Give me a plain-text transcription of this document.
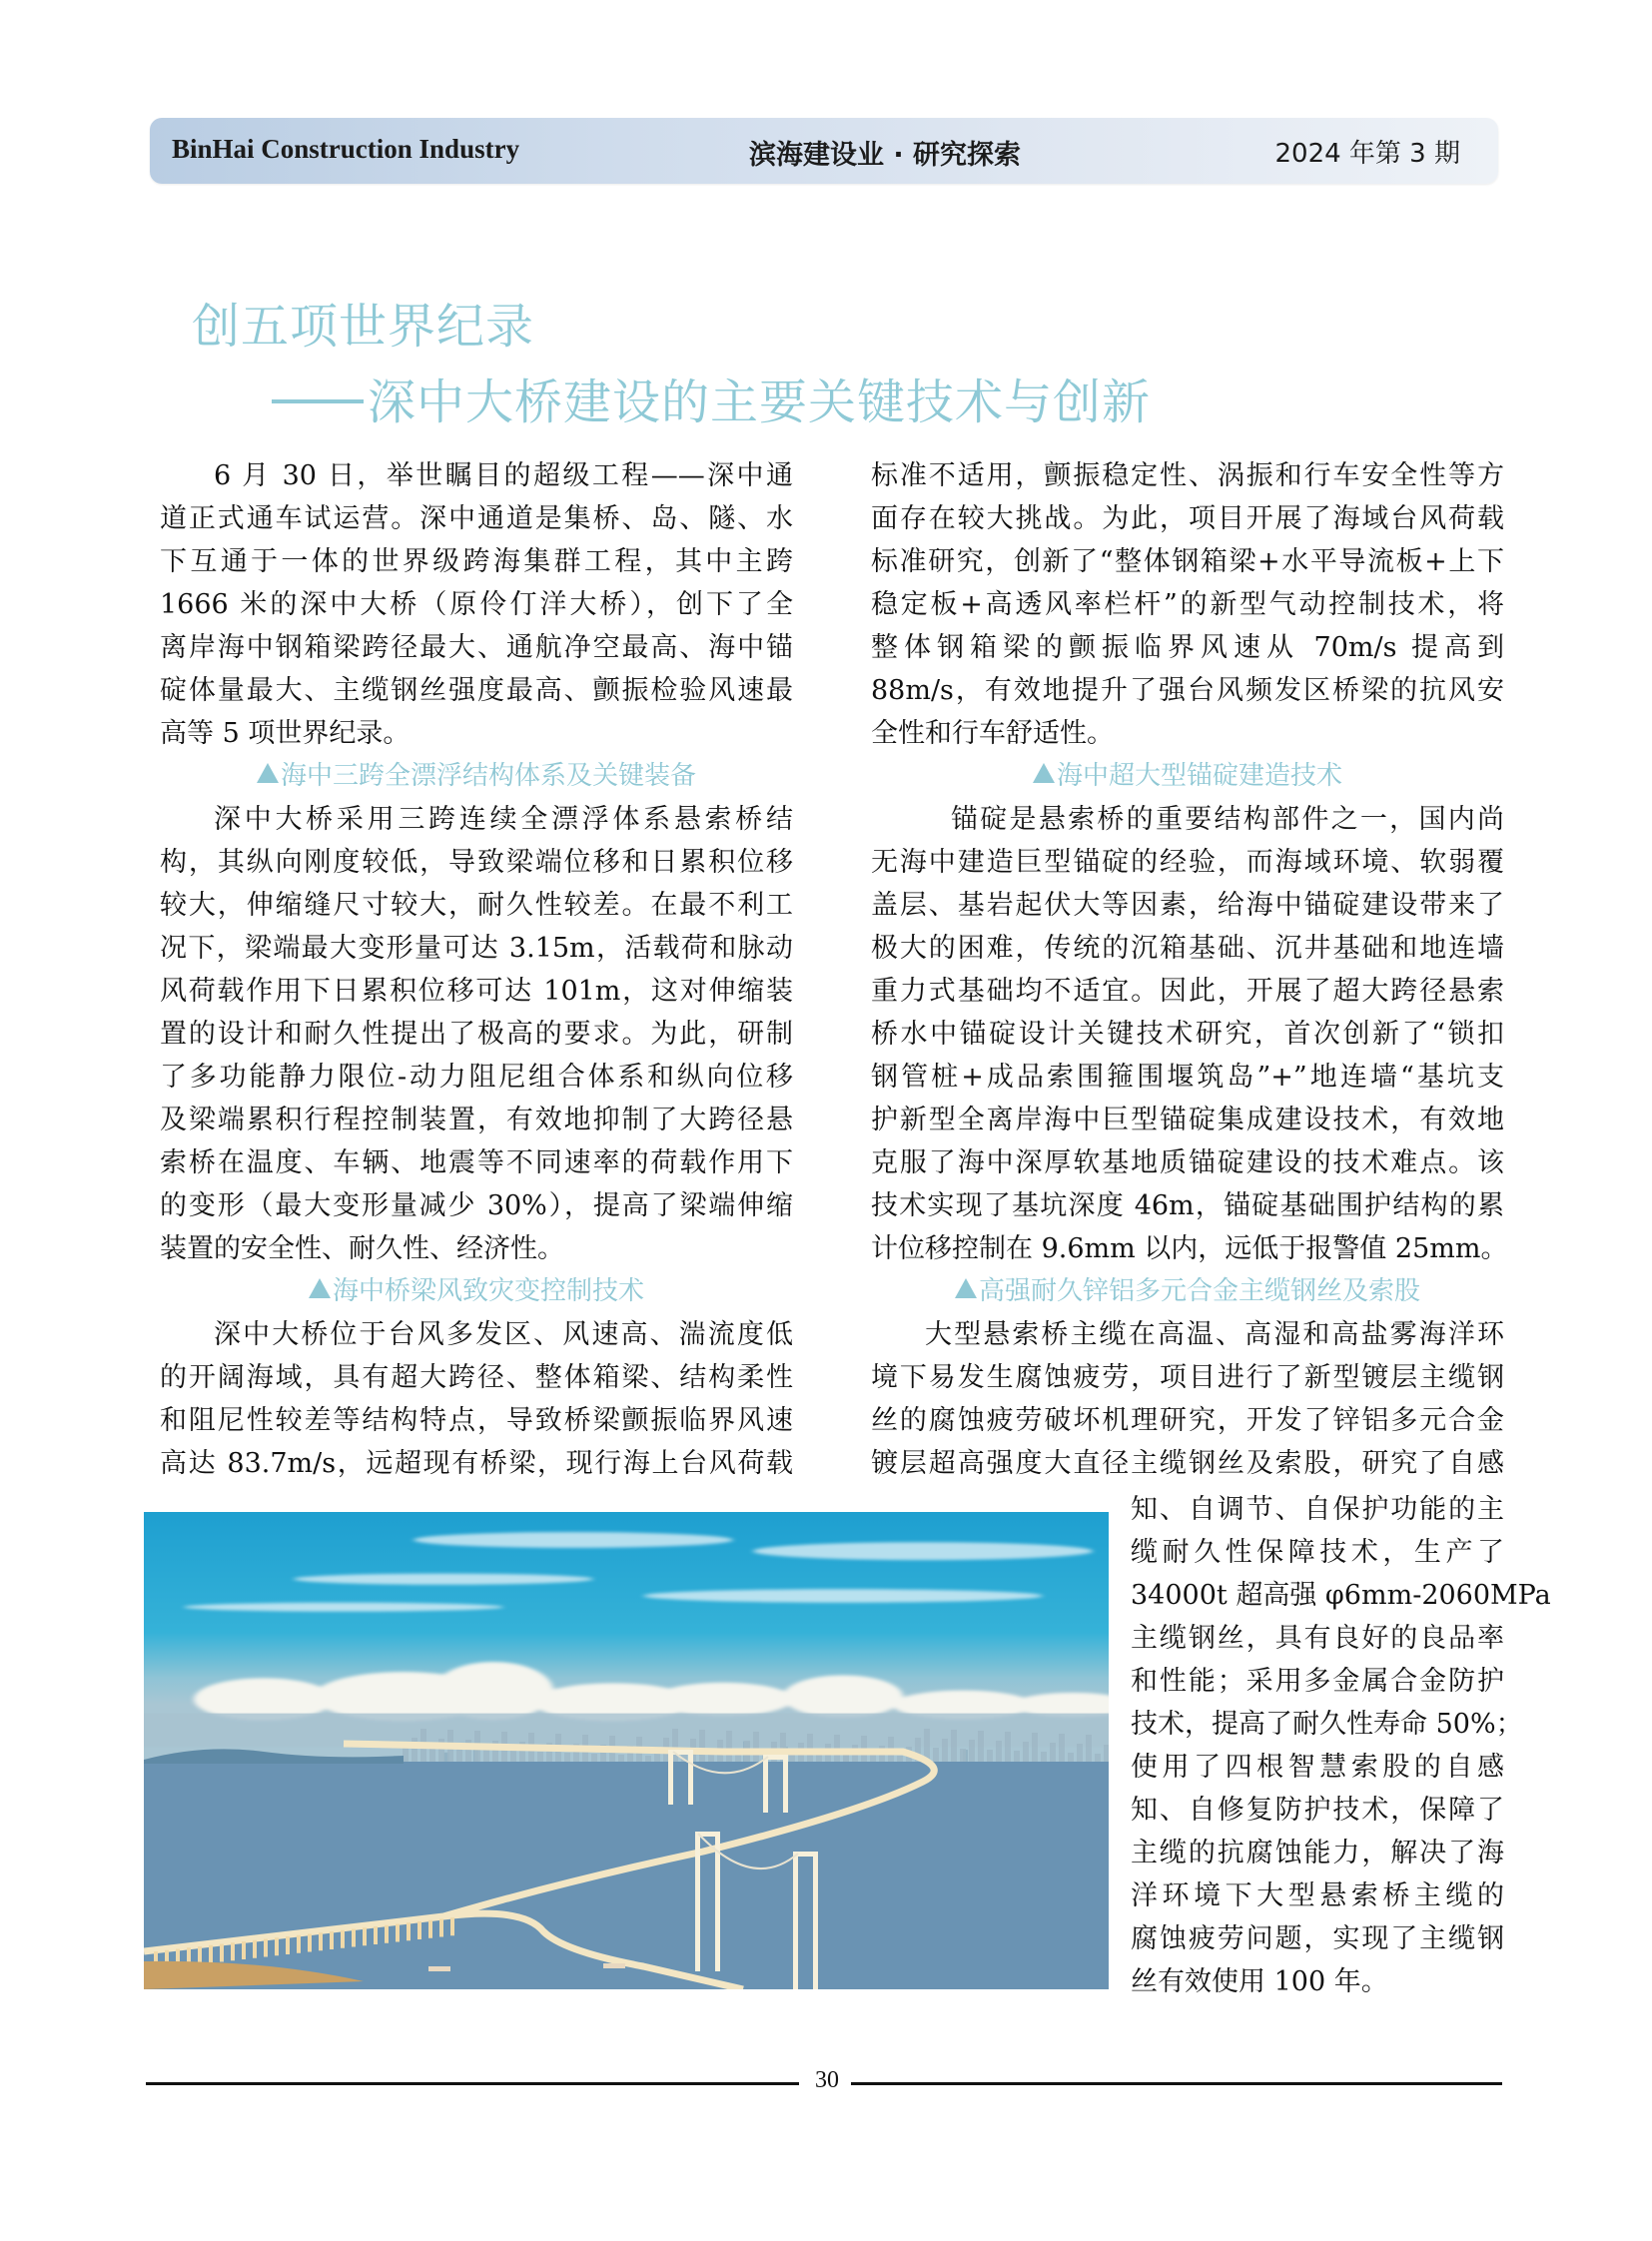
BinHai Construction Industry	滨海建设业 · 研究探索	2024 年第 3 期
创五项世界纪录
深中大桥建设的主要关键技术与创新
6 月 30 日，举世瞩目的超级工程——深中通
道正式通车试运营。深中通道是集桥、岛、隧、水
下互通于一体的世界级跨海集群工程，其中主跨
1666 米的深中大桥（原伶仃洋大桥），创下了全
离岸海中钢箱梁跨径最大、通航净空最高、海中锚
碇体量最大、主缆钢丝强度最高、颤振检验风速最
高等 5 项世界纪录。
海中三跨全漂浮结构体系及关键装备
深中大桥采用三跨连续全漂浮体系悬索桥结
构，其纵向刚度较低，导致梁端位移和日累积位移
较大，伸缩缝尺寸较大，耐久性较差。在最不利工
况下，梁端最大变形量可达 3.15m，活载荷和脉动
风荷载作用下日累积位移可达 101m，这对伸缩装
置的设计和耐久性提出了极高的要求。为此，研制
了多功能静力限位-动力阻尼组合体系和纵向位移
及梁端累积行程控制装置，有效地抑制了大跨径悬
索桥在温度、车辆、地震等不同速率的荷载作用下
的变形（最大变形量减少 30%），提高了梁端伸缩
装置的安全性、耐久性、经济性。
海中桥梁风致灾变控制技术
深中大桥位于台风多发区、风速高、湍流度低
的开阔海域，具有超大跨径、整体箱梁、结构柔性
和阻尼性较差等结构特点，导致桥梁颤振临界风速
高达 83.7m/s，远超现有桥梁，现行海上台风荷载
标准不适用，颤振稳定性、涡振和行车安全性等方
面存在较大挑战。为此，项目开展了海域台风荷载
标准研究，创新了“整体钢箱梁+水平导流板+上下
稳定板+高透风率栏杆”的新型气动控制技术，将
整体钢箱梁的颤振临界风速从 70m/s 提高到
88m/s，有效地提升了强台风频发区桥梁的抗风安
全性和行车舒适性。
海中超大型锚碇建造技术
锚碇是悬索桥的重要结构部件之一，国内尚
无海中建造巨型锚碇的经验，而海域环境、软弱覆
盖层、基岩起伏大等因素，给海中锚碇建设带来了
极大的困难，传统的沉箱基础、沉井基础和地连墙
重力式基础均不适宜。因此，开展了超大跨径悬索
桥水中锚碇设计关键技术研究，首次创新了“锁扣
钢管桩+成品索围箍围堰筑岛”+”地连墙“基坑支
护新型全离岸海中巨型锚碇集成建设技术，有效地
克服了海中深厚软基地质锚碇建设的技术难点。该
技术实现了基坑深度 46m，锚碇基础围护结构的累
计位移控制在 9.6mm 以内，远低于报警值 25mm。
高强耐久锌铝多元合金主缆钢丝及索股
大型悬索桥主缆在高温、高湿和高盐雾海洋环
境下易发生腐蚀疲劳，项目进行了新型镀层主缆钢
丝的腐蚀疲劳破坏机理研究，开发了锌铝多元合金
镀层超高强度大直径主缆钢丝及索股，研究了自感
知、自调节、自保护功能的主
缆耐久性保障技术，生产了
34000t 超高强 φ6mm-2060MPa
主缆钢丝，具有良好的良品率
和性能；采用多金属合金防护
技术，提高了耐久性寿命 50%；
使用了四根智慧索股的自感
知、自修复防护技术，保障了
主缆的抗腐蚀能力，解决了海
洋环境下大型悬索桥主缆的
腐蚀疲劳问题，实现了主缆钢
丝有效使用 100 年。
30
